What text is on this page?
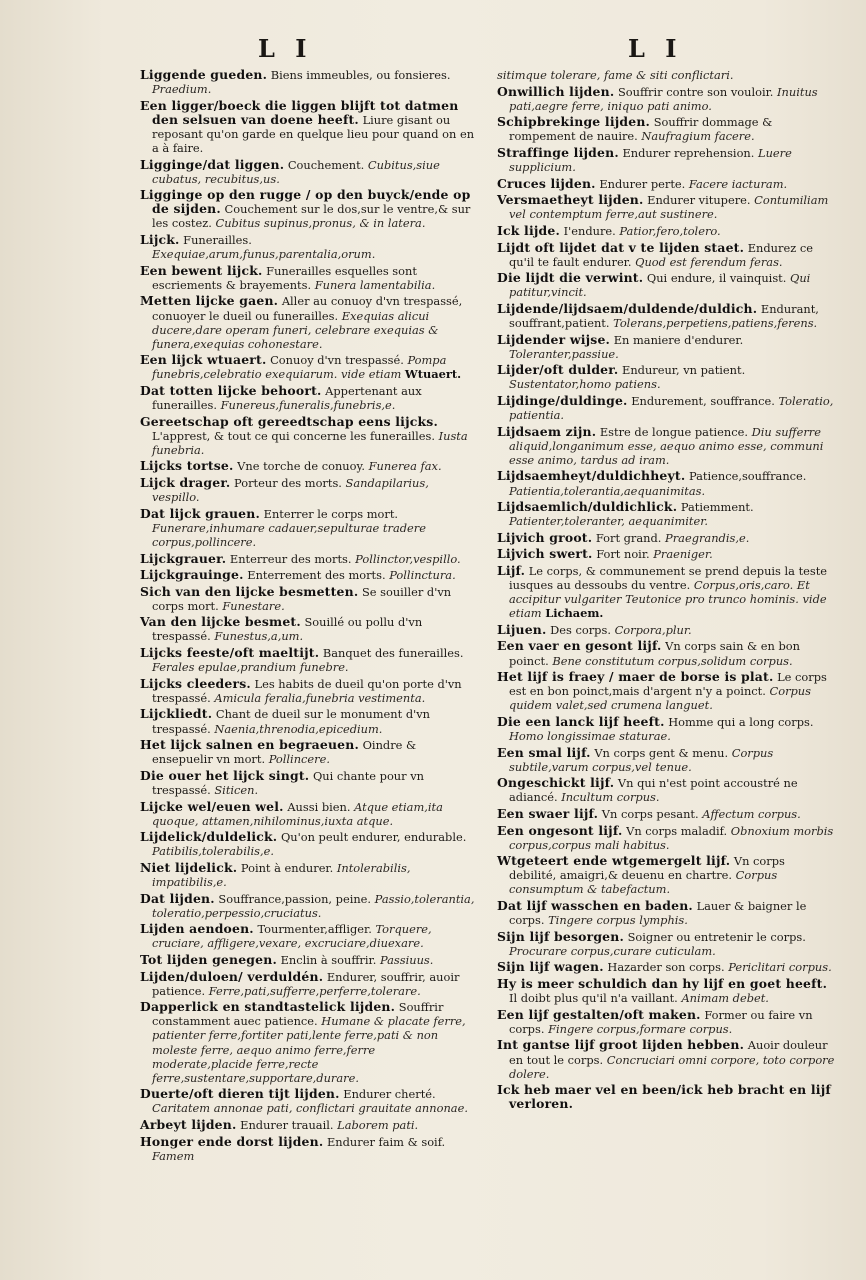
L I	L I

Liggende gueden. Biens immeubles, ou fonsieres. Praedium.

Een ligger/boeck die liggen blijft tot datmen den selsuen van doene heeft. Liure gisant ou reposant qu'on garde en quelque lieu pour quand on en a à faire.

Ligginge/dat liggen. Couchement. Cubitus,siue cubatus, recubitus,us.

Ligginge op den rugge / op den buyck/ende op de sijden. Couchement sur le dos,sur le ventre,& sur les costez. Cubitus supinus,pronus, & in latera.

Lijck. Funerailles. Exequiae,arum,funus,parentalia,orum.

Een bewent lijck. Funerailles esquelles sont escriements & brayements. Funera lamentabilia.

Metten lijcke gaen. Aller au conuoy d'vn trespassé, conuoyer le dueil ou funerailles. Exequias alicui ducere,dare operam funeri, celebrare exequias & funera,exequias cohonestare.

Een lijck wtuaert. Conuoy d'vn trespassé. Pompa funebris,celebratio exequiarum. vide etiam Wtuaert.

Dat totten lijcke behoort. Appertenant aux funerailles. Funereus,funeralis,funebris,e.

Gereetschap oft gereedtschap eens lijcks. L'apprest, & tout ce qui concerne les funerailles. Iusta funebria.

Lijcks tortse. Vne torche de conuoy. Funerea fax.

Lijck drager. Porteur des morts. Sandapilarius, vespillo.

Dat lijck grauen. Enterrer le corps mort. Funerare,inhumare cadauer,sepulturae tradere corpus,pollincere.

Lijckgrauer. Enterreur des morts. Pollinctor,vespillo.

Lijckgrauinge. Enterrement des morts. Pollinctura.

Sich van den lijcke besmetten. Se souiller d'vn corps mort. Funestare.

Van den lijcke besmet. Souillé ou pollu d'vn trespassé. Funestus,a,um.

Lijcks feeste/oft maeltijt. Banquet des funerailles. Ferales epulae,prandium funebre.

Lijcks cleeders. Les habits de dueil qu'on porte d'vn trespassé. Amicula feralia,funebria vestimenta.

Lijckliedt. Chant de dueil sur le monument d'vn trespassé. Naenia,threnodia,epicedium.

Het lijck salnen en begraeuen. Oindre & ensepuelir vn mort. Pollincere.

Die ouer het lijck singt. Qui chante pour vn trespassé. Siticen.

Lijcke wel/euen wel. Aussi bien. Atque etiam,ita quoque, attamen,nihilominus,iuxta atque.

Lijdelick/duldelick. Qu'on peult endurer, endurable. Patibilis,tolerabilis,e.

Niet lijdelick. Point à endurer. Intolerabilis, impatibilis,e.

Dat lijden. Souffrance,passion, peine. Passio,tolerantia, toleratio,perpessio,cruciatus.

Lijden aendoen. Tourmenter,affliger. Torquere, cruciare, affligere,vexare, excruciare,diuexare.

Tot lijden genegen. Enclin à souffrir. Passiuus.

Lijden/duloen/ verduldén. Endurer, souffrir, auoir patience. Ferre,pati,sufferre,perferre,tolerare.

Dapperlick en standtastelick lijden. Souffrir constamment auec patience. Humane & placate ferre, patienter ferre,fortiter pati,lente ferre,pati & non moleste ferre, aequo animo ferre,ferre moderate,placide ferre,recte ferre,sustentare,supportare,durare.

Duerte/oft dieren tijt lijden. Endurer cherté. Caritatem annonae pati, conflictari grauitate annonae.

Arbeyt lijden. Endurer trauail. Laborem pati.

Honger ende dorst lijden. Endurer faim & soif. Famem

sitimque tolerare, fame & siti conflictari.

Onwillich lijden. Souffrir contre son vouloir. Inuitus pati,aegre ferre, iniquo pati animo.

Schipbrekinge lijden. Souffrir dommage & rompement de nauire. Naufragium facere.

Straffinge lijden. Endurer reprehension. Luere supplicium.

Cruces lijden. Endurer perte. Facere iacturam.

Versmaetheyt lijden. Endurer vitupere. Contumiliam vel contemptum ferre,aut sustinere.

Ick lijde. I'endure. Patior,fero,tolero.

Lijdt oft lijdet dat v te lijden staet. Endurez ce qu'il te fault endurer. Quod est ferendum feras.

Die lijdt die verwint. Qui endure, il vainquist. Qui patitur,vincit.

Lijdende/lijdsaem/duldende/duldich. Endurant, souffrant,patient. Tolerans,perpetiens,patiens,ferens.

Lijdender wijse. En maniere d'endurer. Toleranter,passiue.

Lijder/oft dulder. Endureur, vn patient. Sustentator,homo patiens.

Lijdinge/duldinge. Endurement, souffrance. Toleratio, patientia.

Lijdsaem zijn. Estre de longue patience. Diu sufferre aliquid,longanimum esse, aequo animo esse, communi esse animo, tardus ad iram.

Lijdsaemheyt/duldichheyt. Patience,souffrance. Patientia,tolerantia,aequanimitas.

Lijdsaemlich/duldichlick. Patiemment. Patienter,toleranter, aequanimiter.

Lijvich groot. Fort grand. Praegrandis,e.

Lijvich swert. Fort noir. Praeniger.

Lijf. Le corps, & communement se prend depuis la teste iusques au dessoubs du ventre. Corpus,oris,caro. Et accipitur vulgariter Teutonice pro trunco hominis. vide etiam Lichaem.

Lijuen. Des corps. Corpora,plur.

Een vaer en gesont lijf. Vn corps sain & en bon poinct. Bene constitutum corpus,solidum corpus.

Het lijf is fraey / maer de borse is plat. Le corps est en bon poinct,mais d'argent n'y a poinct. Corpus quidem valet,sed crumena languet.

Die een lanck lijf heeft. Homme qui a long corps. Homo longissimae staturae.

Een smal lijf. Vn corps gent & menu. Corpus subtile,varum corpus,vel tenue.

Ongeschickt lijf. Vn qui n'est point accoustré ne adiancé. Incultum corpus.

Een swaer lijf. Vn corps pesant. Affectum corpus.

Een ongesont lijf. Vn corps maladif. Obnoxium morbis corpus,corpus mali habitus.

Wtgeteert ende wtgemergelt lijf. Vn corps debilité, amaigri,& deuenu en chartre. Corpus consumptum & tabefactum.

Dat lijf wasschen en baden. Lauer & baigner le corps. Tingere corpus lymphis.

Sijn lijf besorgen. Soigner ou entretenir le corps. Procurare corpus,curare cuticulam.

Sijn lijf wagen. Hazarder son corps. Periclitari corpus.

Hy is meer schuldich dan hy lijf en goet heeft. Il doibt plus qu'il n'a vaillant. Animam debet.

Een lijf gestalten/oft maken. Former ou faire vn corps. Fingere corpus,formare corpus.

Int gantse lijf groot lijden hebben. Auoir douleur en tout le corps. Concruciari omni corpore, toto corpore dolere.

Ick heb maer vel en been/ick heb bracht en lijf verloren.
